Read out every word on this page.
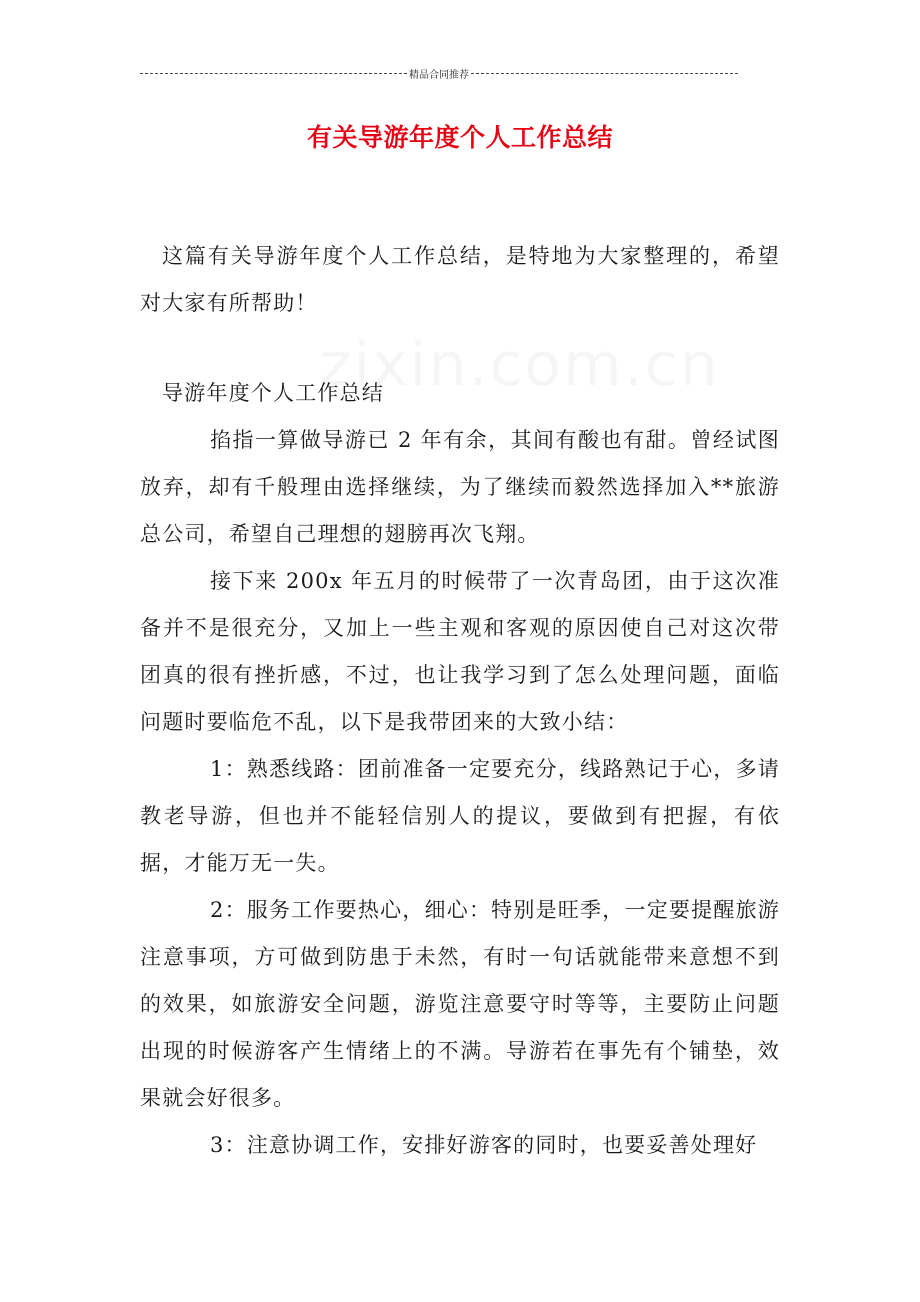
精品合同推荐
有关导游年度个人工作总结

这篇有关导游年度个人工作总结，是特地为大家整理的，希望对大家有所帮助！

导游年度个人工作总结

掐指一算做导游已 2 年有余，其间有酸也有甜。曾经试图放弃，却有千般理由选择继续，为了继续而毅然选择加入**旅游总公司，希望自己理想的翅膀再次飞翔。

接下来 200x 年五月的时候带了一次青岛团，由于这次准备并不是很充分，又加上一些主观和客观的原因使自己对这次带团真的很有挫折感，不过，也让我学习到了怎么处理问题，面临问题时要临危不乱，以下是我带团来的大致小结：

1：熟悉线路：团前准备一定要充分，线路熟记于心，多请教老导游，但也并不能轻信别人的提议，要做到有把握，有依据，才能万无一失。

2：服务工作要热心，细心：特别是旺季，一定要提醒旅游注意事项，方可做到防患于未然，有时一句话就能带来意想不到的效果，如旅游安全问题，游览注意要守时等等，主要防止问题出现的时候游客产生情绪上的不满。导游若在事先有个铺垫，效果就会好很多。

3：注意协调工作，安排好游客的同时，也要妥善处理好
